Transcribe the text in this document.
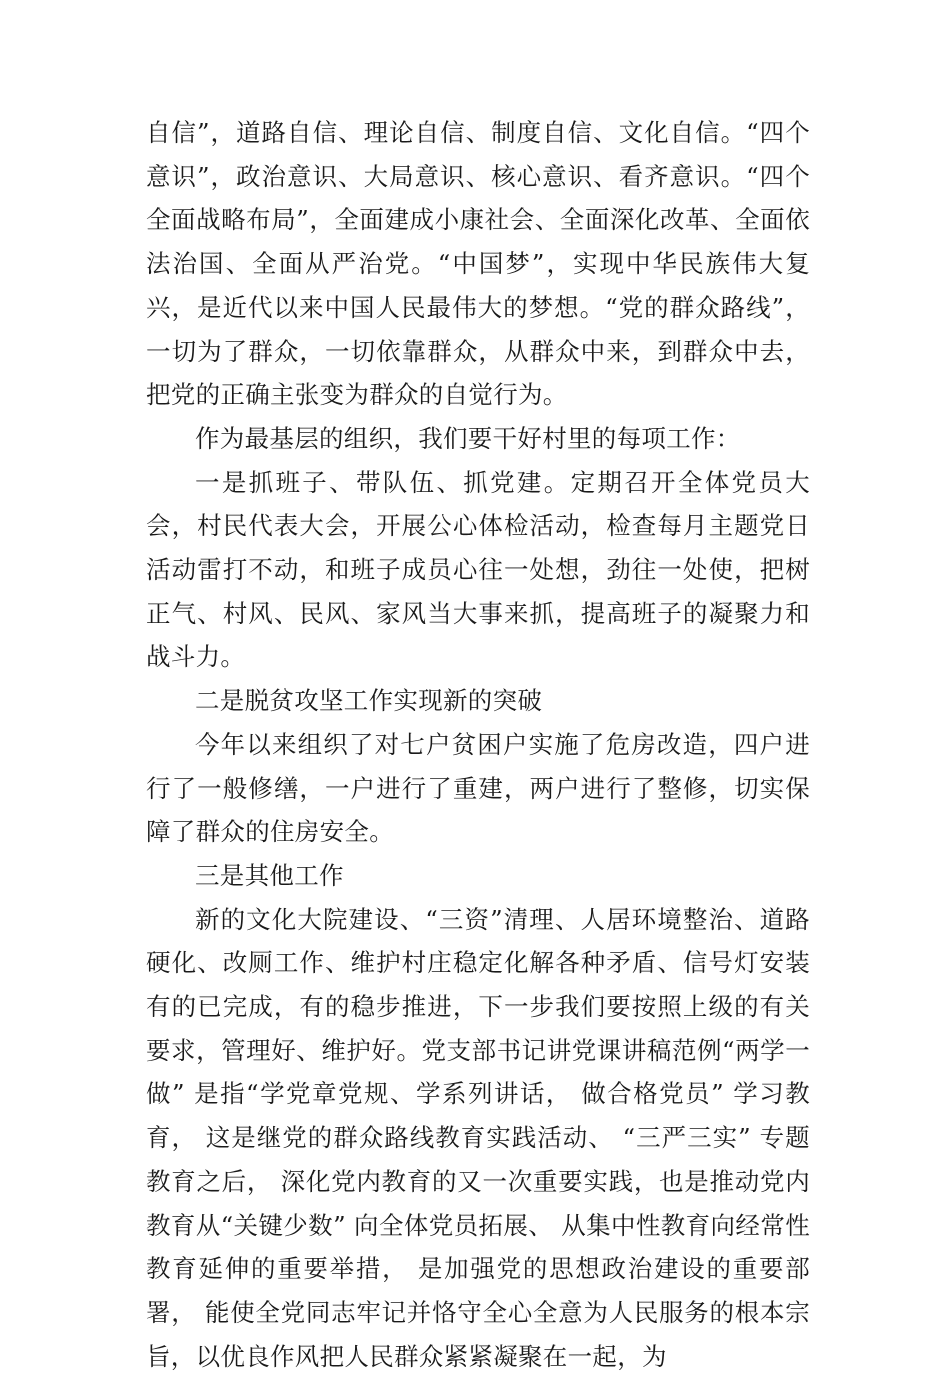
自信”，道路自信、理论自信、制度自信、文化自信。“四个意识”，政治意识、大局意识、核心意识、看齐意识。“四个全面战略布局”，全面建成小康社会、全面深化改革、全面依法治国、全面从严治党。“中国梦”，实现中华民族伟大复兴，是近代以来中国人民最伟大的梦想。“党的群众路线”，一切为了群众，一切依靠群众，从群众中来，到群众中去，把党的正确主张变为群众的自觉行为。

作为最基层的组织，我们要干好村里的每项工作：

一是抓班子、带队伍、抓党建。定期召开全体党员大会，村民代表大会，开展公心体检活动，检查每月主题党日活动雷打不动，和班子成员心往一处想，劲往一处使，把树正气、村风、民风、家风当大事来抓，提高班子的凝聚力和战斗力。

二是脱贫攻坚工作实现新的突破

今年以来组织了对七户贫困户实施了危房改造，四户进行了一般修缮，一户进行了重建，两户进行了整修，切实保障了群众的住房安全。

三是其他工作

新的文化大院建设、“三资”清理、人居环境整治、道路硬化、改厕工作、维护村庄稳定化解各种矛盾、信号灯安装有的已完成，有的稳步推进，下一步我们要按照上级的有关要求，管理好、维护好。党支部书记讲党课讲稿范例“两学一做” 是指“学党章党规、学系列讲话， 做合格党员” 学习教育， 这是继党的群众路线教育实践活动、 “三严三实” 专题教育之后， 深化党内教育的又一次重要实践，也是推动党内教育从“关键少数” 向全体党员拓展、 从集中性教育向经常性教育延伸的重要举措， 是加强党的思想政治建设的重要部署， 能使全党同志牢记并恪守全心全意为人民服务的根本宗旨，以优良作风把人民群众紧紧凝聚在一起，为
